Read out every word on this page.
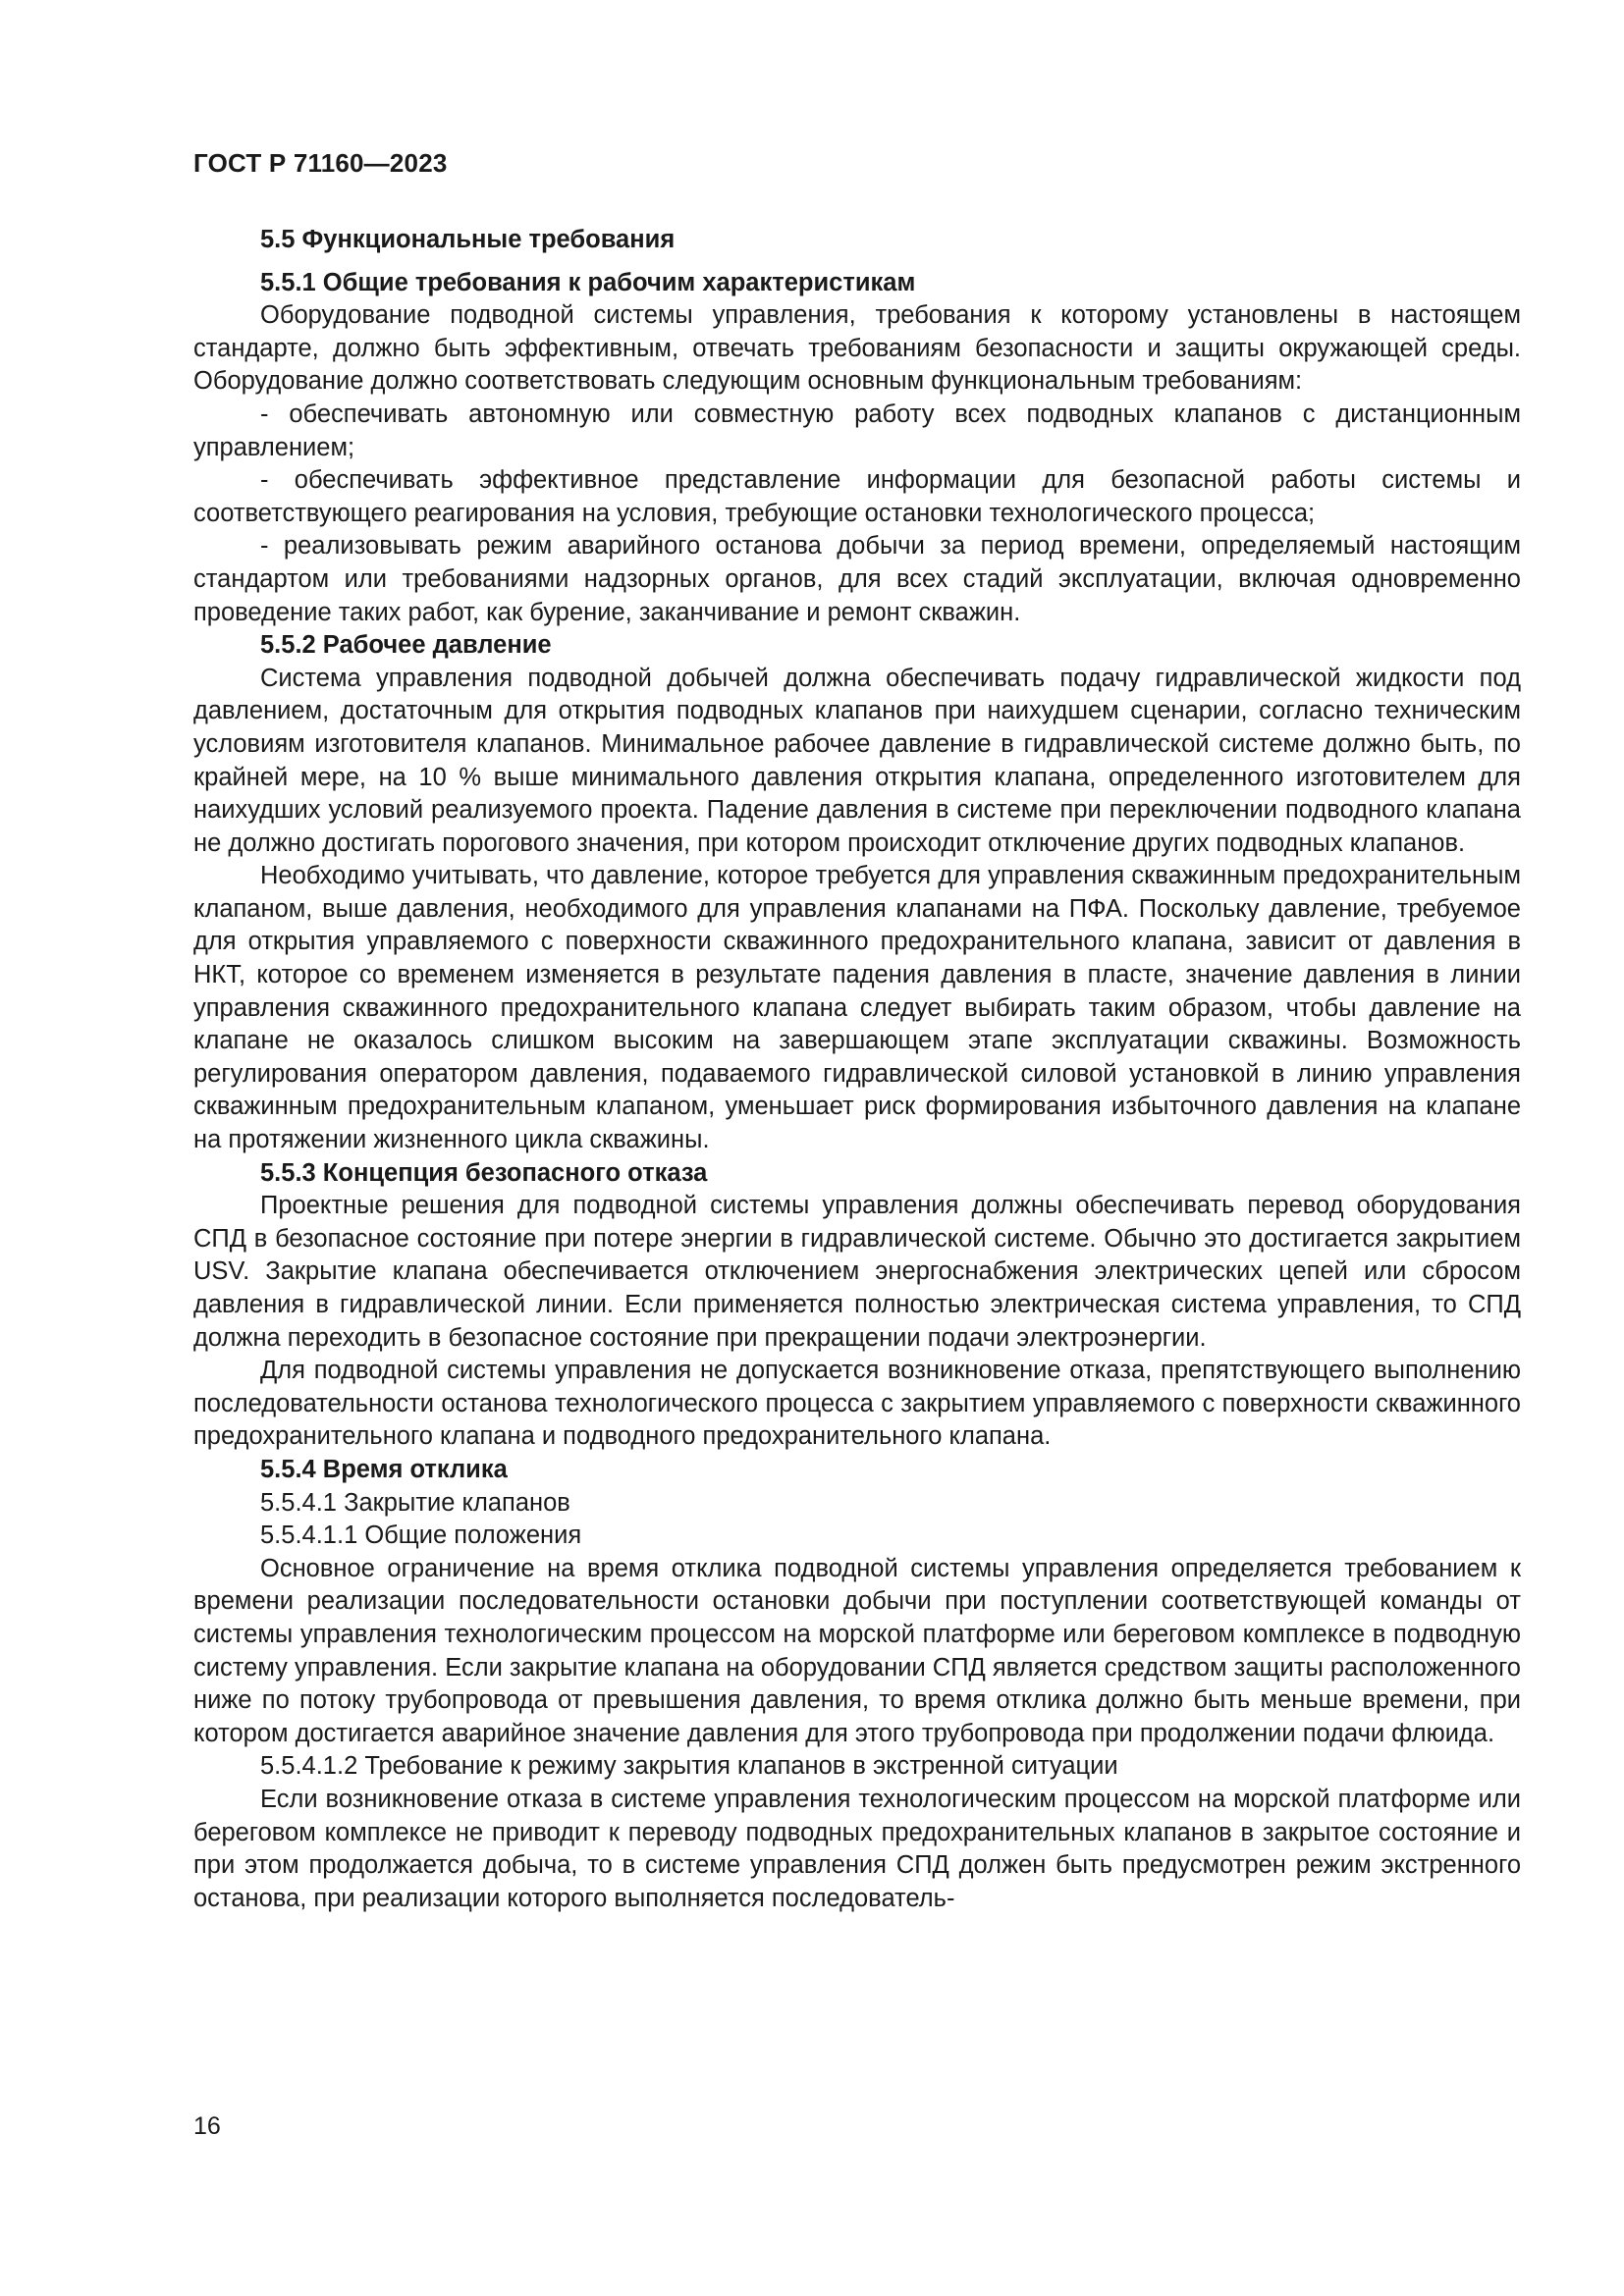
ГОСТ Р 71160—2023

5.5 Функциональные требования

5.5.1 Общие требования к рабочим характеристикам

Оборудование подводной системы управления, требования к которому установлены в настоящем стандарте, должно быть эффективным, отвечать требованиям безопасности и защиты окружающей среды. Оборудование должно соответствовать следующим основным функциональным требованиям:

- обеспечивать автономную или совместную работу всех подводных клапанов с дистанционным управлением;

- обеспечивать эффективное представление информации для безопасной работы системы и соответствующего реагирования на условия, требующие остановки технологического процесса;

- реализовывать режим аварийного останова добычи за период времени, определяемый настоящим стандартом или требованиями надзорных органов, для всех стадий эксплуатации, включая одновременно проведение таких работ, как бурение, заканчивание и ремонт скважин.

5.5.2 Рабочее давление

Система управления подводной добычей должна обеспечивать подачу гидравлической жидкости под давлением, достаточным для открытия подводных клапанов при наихудшем сценарии, согласно техническим условиям изготовителя клапанов. Минимальное рабочее давление в гидравлической системе должно быть, по крайней мере, на 10 % выше минимального давления открытия клапана, определенного изготовителем для наихудших условий реализуемого проекта. Падение давления в системе при переключении подводного клапана не должно достигать порогового значения, при котором происходит отключение других подводных клапанов.

Необходимо учитывать, что давление, которое требуется для управления скважинным предохранительным клапаном, выше давления, необходимого для управления клапанами на ПФА. Поскольку давление, требуемое для открытия управляемого с поверхности скважинного предохранительного клапана, зависит от давления в НКТ, которое со временем изменяется в результате падения давления в пласте, значение давления в линии управления скважинного предохранительного клапана следует выбирать таким образом, чтобы давление на клапане не оказалось слишком высоким на завершающем этапе эксплуатации скважины. Возможность регулирования оператором давления, подаваемого гидравлической силовой установкой в линию управления скважинным предохранительным клапаном, уменьшает риск формирования избыточного давления на клапане на протяжении жизненного цикла скважины.

5.5.3 Концепция безопасного отказа

Проектные решения для подводной системы управления должны обеспечивать перевод оборудования СПД в безопасное состояние при потере энергии в гидравлической системе. Обычно это достигается закрытием USV. Закрытие клапана обеспечивается отключением энергоснабжения электрических цепей или сбросом давления в гидравлической линии. Если применяется полностью электрическая система управления, то СПД должна переходить в безопасное состояние при прекращении подачи электроэнергии.

Для подводной системы управления не допускается возникновение отказа, препятствующего выполнению последовательности останова технологического процесса с закрытием управляемого с поверхности скважинного предохранительного клапана и подводного предохранительного клапана.

5.5.4 Время отклика

5.5.4.1 Закрытие клапанов

5.5.4.1.1 Общие положения

Основное ограничение на время отклика подводной системы управления определяется требованием к времени реализации последовательности остановки добычи при поступлении соответствующей команды от системы управления технологическим процессом на морской платформе или береговом комплексе в подводную систему управления. Если закрытие клапана на оборудовании СПД является средством защиты расположенного ниже по потоку трубопровода от превышения давления, то время отклика должно быть меньше времени, при котором достигается аварийное значение давления для этого трубопровода при продолжении подачи флюида.

5.5.4.1.2 Требование к режиму закрытия клапанов в экстренной ситуации

Если возникновение отказа в системе управления технологическим процессом на морской платформе или береговом комплексе не приводит к переводу подводных предохранительных клапанов в закрытое состояние и при этом продолжается добыча, то в системе управления СПД должен быть предусмотрен режим экстренного останова, при реализации которого выполняется последователь-

16
